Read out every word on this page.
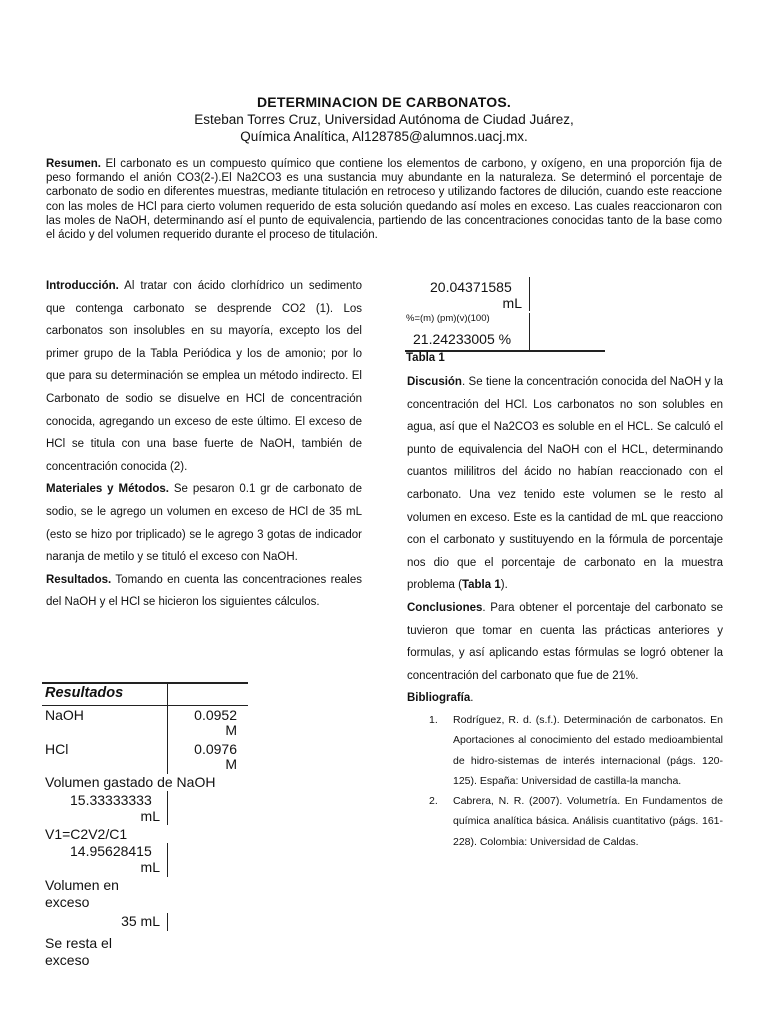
DETERMINACION DE CARBONATOS.
Esteban Torres Cruz, Universidad Autónoma de Ciudad Juárez,
Química Analítica, Al128785@alumnos.uacj.mx.
Resumen. El carbonato es un compuesto químico que contiene los elementos de carbono, y oxígeno, en una proporción fija de peso formando el anión CO3(2-).El Na2CO3 es una sustancia muy abundante en la naturaleza. Se determinó el porcentaje de carbonato de sodio en diferentes muestras, mediante titulación en retroceso y utilizando factores de dilución, cuando este reaccione con las moles de HCl para cierto volumen requerido de esta solución quedando así moles en exceso. Las cuales reaccionaron con las moles de NaOH, determinando así el punto de equivalencia, partiendo de las concentraciones conocidas tanto de la base como el ácido y del volumen requerido durante el proceso de titulación.

Introducción. Al tratar con ácido clorhídrico un sedimento que contenga carbonato se desprende CO2 (1). Los carbonatos son insolubles en su mayoría, excepto los del primer grupo de la Tabla Periódica y los de amonio; por lo que para su determinación se emplea un método indirecto. El Carbonato de sodio se disuelve en HCl de concentración conocida, agregando un exceso de este último. El exceso de HCl se titula con una base fuerte de NaOH, también de concentración conocida (2).

Materiales y Métodos. Se pesaron 0.1 gr de carbonato de sodio, se le agrego un volumen en exceso de HCl de 35 mL (esto se hizo por triplicado) se le agrego 3 gotas de indicador naranja de metilo y se tituló el exceso con NaOH.

Resultados. Tomando en cuenta las concentraciones reales del NaOH y el HCl se hicieron los siguientes cálculos.

Resultados
NaOH	0.0952
M
HCl	0.0976
M
Volumen gastado de NaOH
15.33333333
mL
V1=C2V2/C1
14.95628415
mL
Volumen en
exceso
35 mL
Se resta el
exceso
20.04371585
mL
%=(m) (pm)(v)(100)
21.24233005 %
Tabla 1

Discusión. Se tiene la concentración conocida del NaOH y la concentración del HCl. Los carbonatos no son solubles en agua, así que el Na2CO3 es soluble en el HCL. Se calculó el punto de equivalencia del NaOH con el HCL, determinando cuantos mililitros del ácido no habían reaccionado con el carbonato. Una vez tenido este volumen se le resto al volumen en exceso. Este es la cantidad de mL que reacciono con el carbonato y sustituyendo en la fórmula de porcentaje nos dio que el porcentaje de carbonato en la muestra problema (Tabla 1).

Conclusiones. Para obtener el porcentaje del carbonato se tuvieron que tomar en cuenta las prácticas anteriores y formulas, y así aplicando estas fórmulas se logró obtener la concentración del carbonato que fue de 21%.

Bibliografía.

1. Rodríguez, R. d. (s.f.). Determinación de carbonatos. En Aportaciones al conocimiento del estado medioambiental de hidro-sistemas de interés internacional (págs. 120-125). España: Universidad de castilla-la mancha.
2. Cabrera, N. R. (2007). Volumetría. En Fundamentos de química analítica básica. Análisis cuantitativo (págs. 161-228). Colombia: Universidad de Caldas.
